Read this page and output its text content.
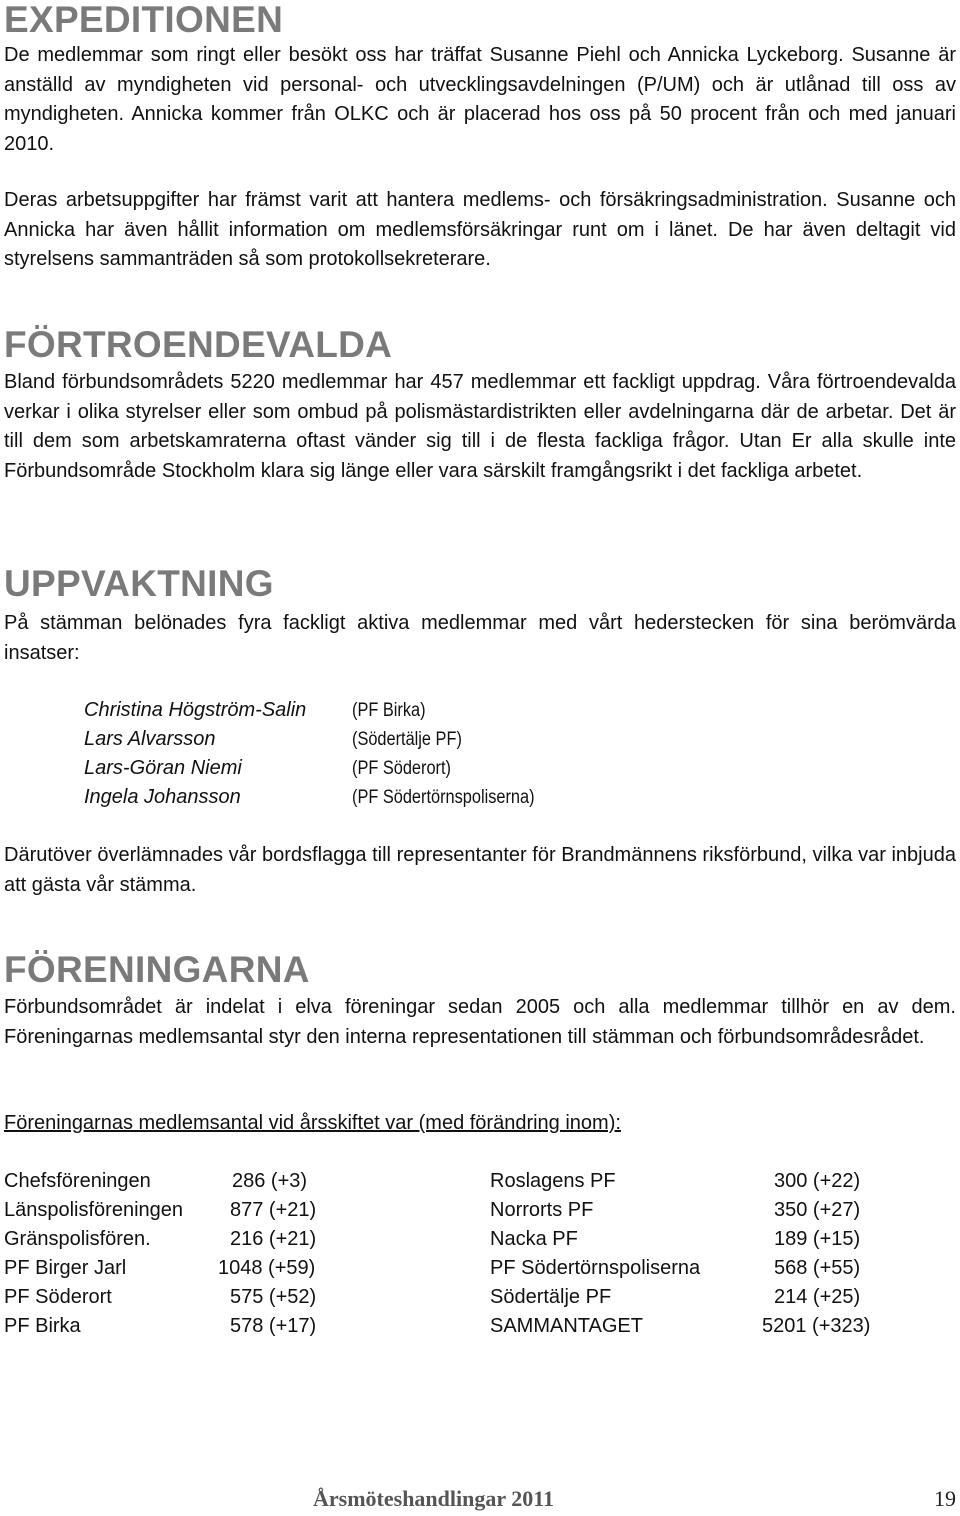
EXPEDITIONEN

De medlemmar som ringt eller besökt oss har träffat Susanne Piehl och Annicka Lyckeborg. Susanne är anställd av myndigheten vid personal- och utvecklingsavdelningen (P/UM) och är utlånad till oss av myndigheten. Annicka kommer från OLKC och är placerad hos oss på 50 procent från och med januari 2010.

Deras arbetsuppgifter har främst varit att hantera medlems- och försäkringsadministration. Susanne och Annicka har även hållit information om medlemsförsäkringar runt om i länet. De har även deltagit vid styrelsens sammanträden så som protokollsekreterare.

FÖRTROENDEVALDA

Bland förbundsområdets 5220 medlemmar har 457 medlemmar ett fackligt uppdrag. Våra förtroendevalda verkar i olika styrelser eller som ombud på polismästardistrikten eller avdelningarna där de arbetar. Det är till dem som arbetskamraterna oftast vänder sig till i de flesta fackliga frågor. Utan Er alla skulle inte Förbundsområde Stockholm klara sig länge eller vara särskilt framgångsrikt i det fackliga arbetet.

UPPVAKTNING

På stämman belönades fyra fackligt aktiva medlemmar med vårt hederstecken för sina berömvärda insatser:

Christina Högström-Salin (PF Birka)
Lars Alvarsson	(Södertälje PF)
Lars-Göran Niemi	(PF Söderort)
Ingela Johansson	(PF Södertörnspoliserna)

Därutöver överlämnades vår bordsflagga till representanter för Brandmännens riksförbund, vilka var inbjuda att gästa vår stämma.

FÖRENINGARNA

Förbundsområdet är indelat i elva föreningar sedan 2005 och alla medlemmar tillhör en av dem. Föreningarnas medlemsantal styr den interna representationen till stämman och förbundsområdesrådet.

Föreningarnas medlemsantal vid årsskiftet var (med förändring inom):
Chefsföreningen	286 (+3)
Länspolisföreningen 877 (+21)
Gränspolisfören.	216 (+21)
PF Birger Jarl	1048 (+59)
PF Söderort	575 (+52)
PF Birka	578 (+17)
Roslagens PF	300 (+22)
Norrorts PF	350 (+27)
Nacka PF	189 (+15)
PF Södertörnspoliserna	568 (+55)
Södertälje PF	214 (+25)
SAMMANTAGET	5201 (+323)
Årsmöteshandlingar 2011	19
